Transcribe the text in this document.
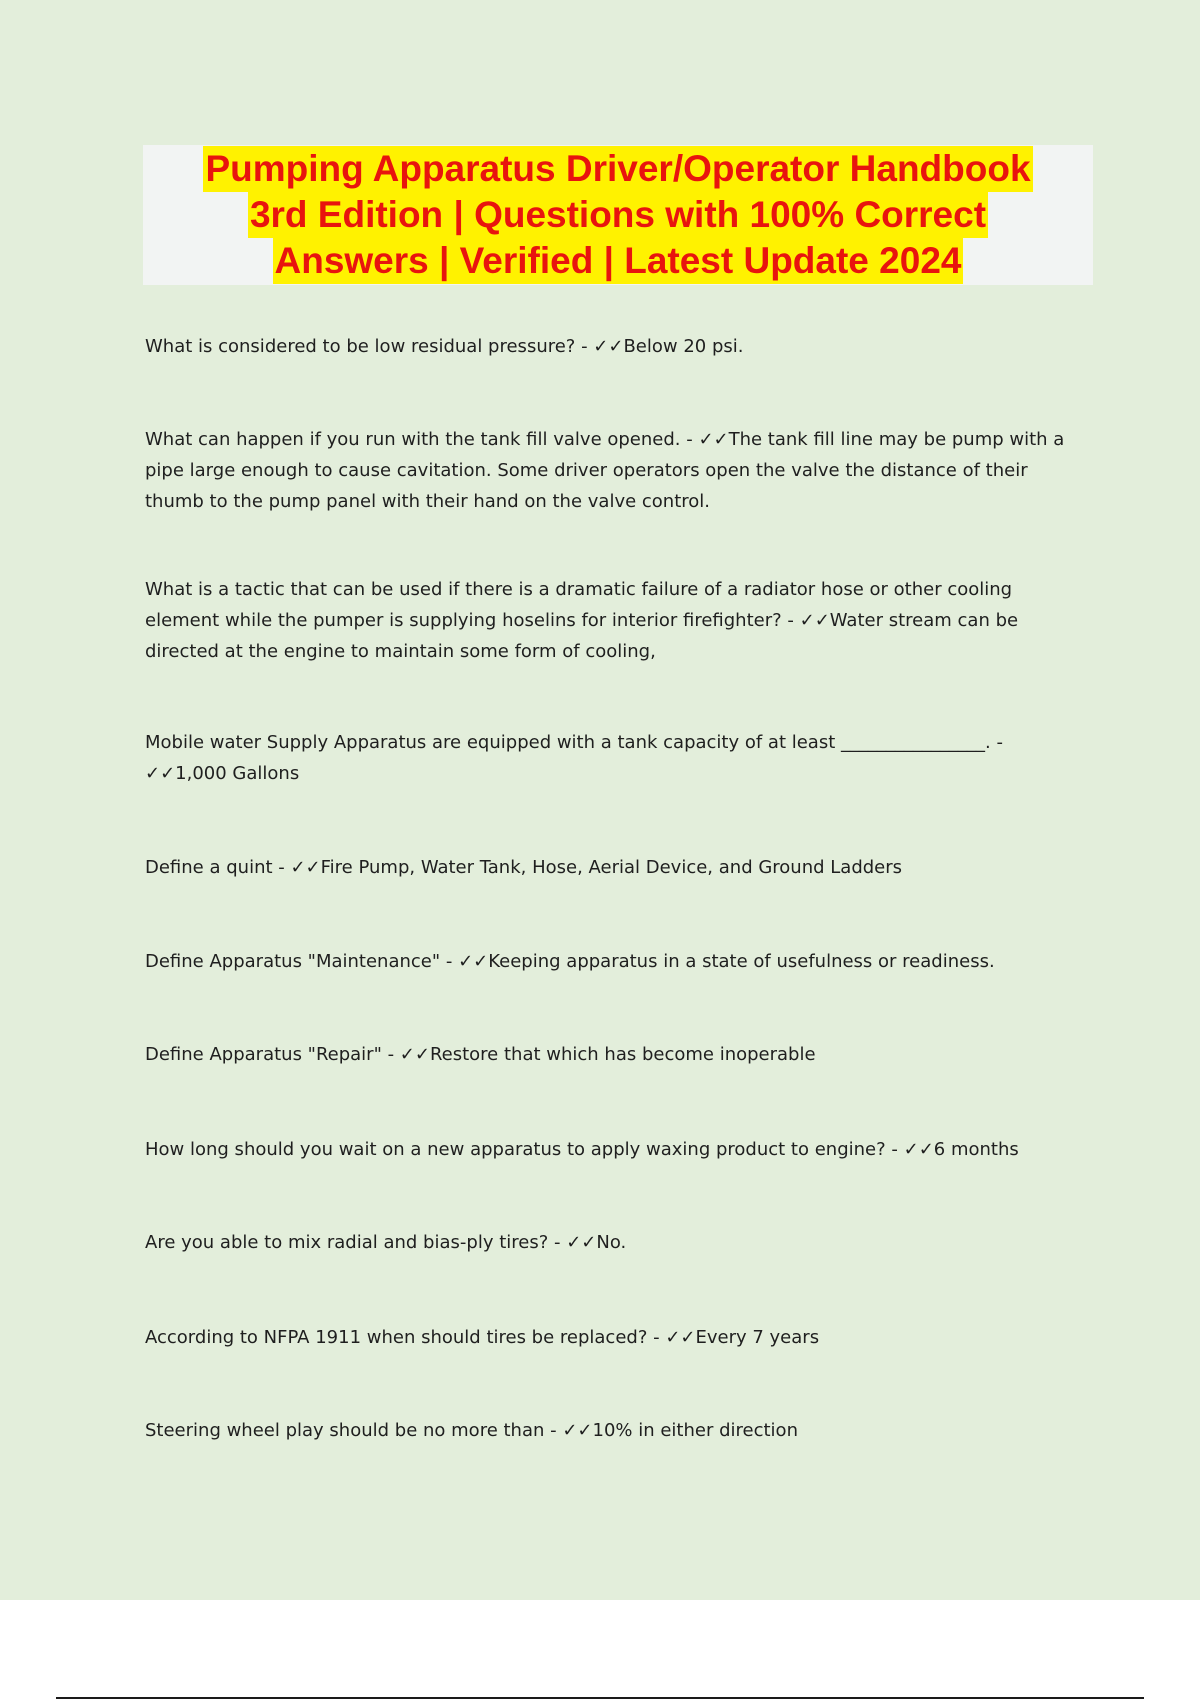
Pumping Apparatus Driver/Operator Handbook
3rd Edition | Questions with 100% Correct
Answers | Verified | Latest Update 2024

What is considered to be low residual pressure? - ✓✓Below 20 psi.

What can happen if you run with the tank fill valve opened. - ✓✓The tank fill line may be pump with a pipe large enough to cause cavitation. Some driver operators open the valve the distance of their thumb to the pump panel with their hand on the valve control.

What is a tactic that can be used if there is a dramatic failure of a radiator hose or other cooling element while the pumper is supplying hoselins for interior firefighter? - ✓✓Water stream can be directed at the engine to maintain some form of cooling,

Mobile water Supply Apparatus are equipped with a tank capacity of at least ________________. - ✓✓1,000 Gallons

Define a quint - ✓✓Fire Pump, Water Tank, Hose, Aerial Device, and Ground Ladders

Define Apparatus "Maintenance" - ✓✓Keeping apparatus in a state of usefulness or readiness.

Define Apparatus "Repair" - ✓✓Restore that which has become inoperable

How long should you wait on a new apparatus to apply waxing product to engine? - ✓✓6 months

Are you able to mix radial and bias-ply tires? - ✓✓No.

According to NFPA 1911 when should tires be replaced? - ✓✓Every 7 years

Steering wheel play should be no more than - ✓✓10% in either direction
